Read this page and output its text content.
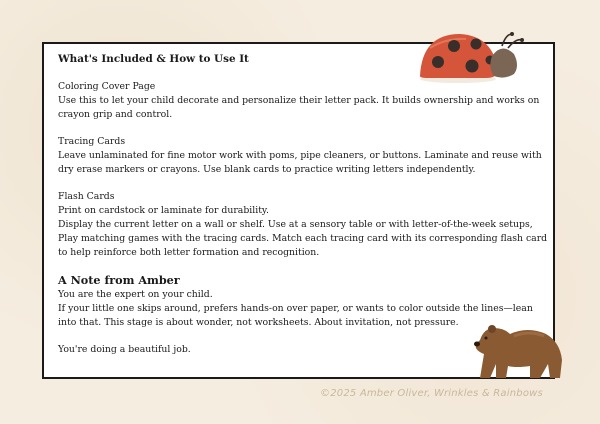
What's Included & How to Use It

Coloring Cover Page

Use this to let your child decorate and personalize their letter pack. It builds ownership and works on

crayon grip and control.

Tracing Cards

Leave unlaminated for fine motor work with poms, pipe cleaners, or buttons. Laminate and reuse with

dry erase markers or crayons. Use blank cards to practice writing letters independently.

Flash Cards

Print on cardstock or laminate for durability.

Display the current letter on a wall or shelf. Use at a sensory table or with letter-of-the-week setups,

Play matching games with the tracing cards. Match each tracing card with its corresponding flash card

to help reinforce both letter formation and recognition.

A Note from Amber

You are the expert on your child.

If your little one skips around, prefers hands-on over paper, or wants to color outside the lines—lean

into that. This stage is about wonder, not worksheets. About invitation, not pressure.

You're doing a beautiful job.

©2025 Amber Oliver, Wrinkles & Rainbows
